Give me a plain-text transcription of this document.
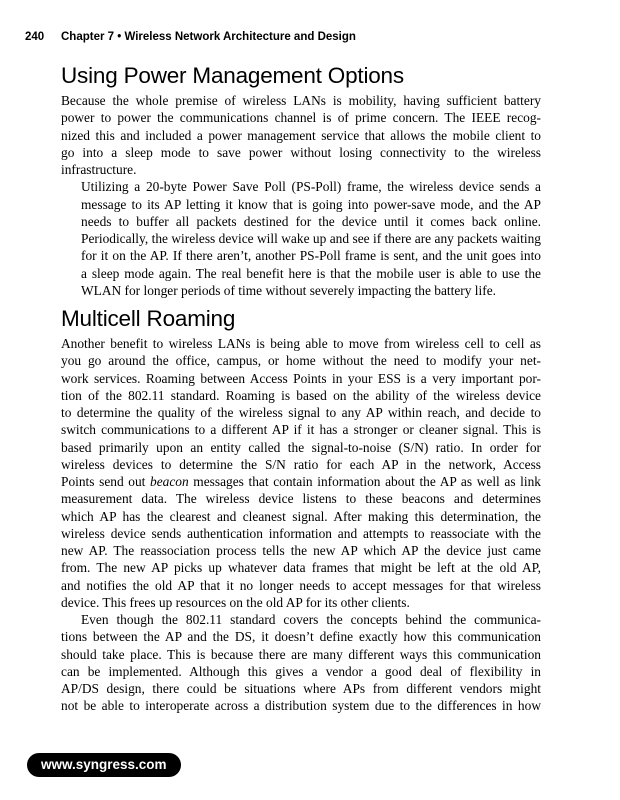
240 Chapter 7 • Wireless Network Architecture and Design
Using Power Management Options

Because the whole premise of wireless LANs is mobility, having sufficient battery
power to power the communications channel is of prime concern. The IEEE recog-
nized this and included a power management service that allows the mobile client to
go into a sleep mode to save power without losing connectivity to the wireless
infrastructure.

Utilizing a 20-byte Power Save Poll (PS-Poll) frame, the wireless device sends a
message to its AP letting it know that is going into power-save mode, and the AP
needs to buffer all packets destined for the device until it comes back online.
Periodically, the wireless device will wake up and see if there are any packets waiting
for it on the AP. If there aren’t, another PS-Poll frame is sent, and the unit goes into
a sleep mode again. The real benefit here is that the mobile user is able to use the
WLAN for longer periods of time without severely impacting the battery life.

Multicell Roaming

Another benefit to wireless LANs is being able to move from wireless cell to cell as
you go around the office, campus, or home without the need to modify your net-
work services. Roaming between Access Points in your ESS is a very important por-
tion of the 802.11 standard. Roaming is based on the ability of the wireless device
to determine the quality of the wireless signal to any AP within reach, and decide to
switch communications to a different AP if it has a stronger or cleaner signal. This is
based primarily upon an entity called the signal-to-noise (S/N) ratio. In order for
wireless devices to determine the S/N ratio for each AP in the network, Access
Points send out beacon messages that contain information about the AP as well as link
measurement data. The wireless device listens to these beacons and determines
which AP has the clearest and cleanest signal. After making this determination, the
wireless device sends authentication information and attempts to reassociate with the
new AP. The reassociation process tells the new AP which AP the device just came
from. The new AP picks up whatever data frames that might be left at the old AP,
and notifies the old AP that it no longer needs to accept messages for that wireless
device. This frees up resources on the old AP for its other clients.

Even though the 802.11 standard covers the concepts behind the communica-
tions between the AP and the DS, it doesn’t define exactly how this communication
should take place. This is because there are many different ways this communication
can be implemented. Although this gives a vendor a good deal of flexibility in
AP/DS design, there could be situations where APs from different vendors might
not be able to interoperate across a distribution system due to the differences in how

www.syngress.com
